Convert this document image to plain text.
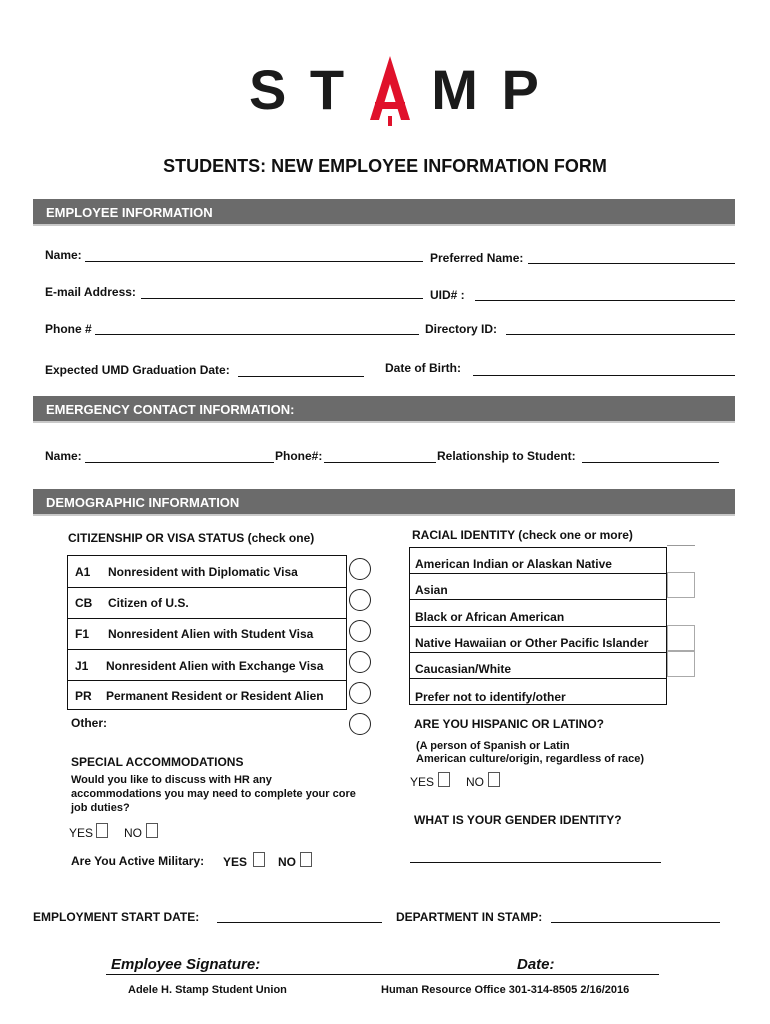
S T M P
STUDENTS: NEW EMPLOYEE INFORMATION FORM
EMPLOYEE INFORMATION
Name:	Preferred Name:
E-mail Address:	UID# :
Phone #	Directory ID:
Expected UMD Graduation Date:	Date of Birth:
EMERGENCY CONTACT INFORMATION:
Name:	Phone#:	Relationship to Student:
DEMOGRAPHIC INFORMATION
CITIZENSHIP OR VISA STATUS (check one)
A1 Nonresident with Diplomatic Visa
CB Citizen of U.S.
F1 Nonresident Alien with Student Visa
J1 Nonresident Alien with Exchange Visa
PR Permanent Resident or Resident Alien
Other:
RACIAL IDENTITY (check one or more)
American Indian or Alaskan Native
Asian
Black or African American
Native Hawaiian or Other Pacific Islander
Caucasian/White
Prefer not to identify/other
ARE YOU HISPANIC OR LATINO?
(A person of Spanish or Latin
American culture/origin, regardless of race)
YES	NO
SPECIAL ACCOMMODATIONS
Would you like to discuss with HR any
accommodations you may need to complete your core
job duties?
YES	NO
WHAT IS YOUR GENDER IDENTITY?
Are You Active Military: YES	NO
EMPLOYMENT START DATE:	DEPARTMENT IN STAMP:
Employee Signature:	Date:
Adele H. Stamp Student Union	Human Resource Office 301-314-8505 2/16/2016
